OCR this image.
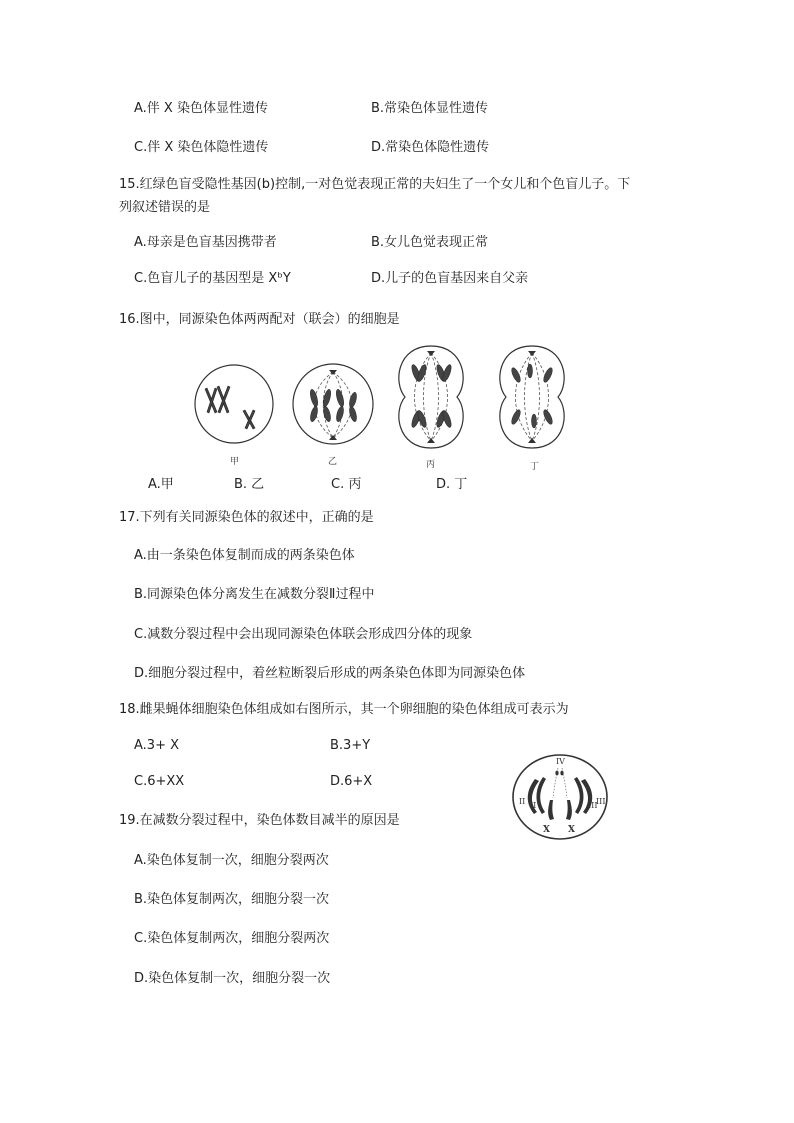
A.伴 X 染色体显性遗传	B.常染色体显性遗传
C.伴 X 染色体隐性遗传	D.常染色体隐性遗传
15.红绿色盲受隐性基因(b)控制,一对色觉表现正常的夫妇生了一个女儿和个色盲儿子。下
列叙述错误的是
A.母亲是色盲基因携带者	B.女儿色觉表现正常
C.色盲儿子的基因型是 XᵇY	D.儿子的色盲基因来自父亲
16.图中，同源染色体两两配对（联会）的细胞是
甲	乙	丙	丁
A.甲	B. 乙	C. 丙	D. 丁
17.下列有关同源染色体的叙述中，正确的是
A.由一条染色体复制而成的两条染色体
B.同源染色体分离发生在减数分裂Ⅱ过程中
C.减数分裂过程中会出现同源染色体联会形成四分体的现象
D.细胞分裂过程中，着丝粒断裂后形成的两条染色体即为同源染色体
18.雌果蝇体细胞染色体组成如右图所示，其一个卵细胞的染色体组成可表示为
A.3+ X	B.3+Y
C.6+XX	D.6+X
IV
II II	III
III
X X
19.在减数分裂过程中，染色体数目减半的原因是
A.染色体复制一次，细胞分裂两次
B.染色体复制两次，细胞分裂一次
C.染色体复制两次，细胞分裂两次
D.染色体复制一次，细胞分裂一次
